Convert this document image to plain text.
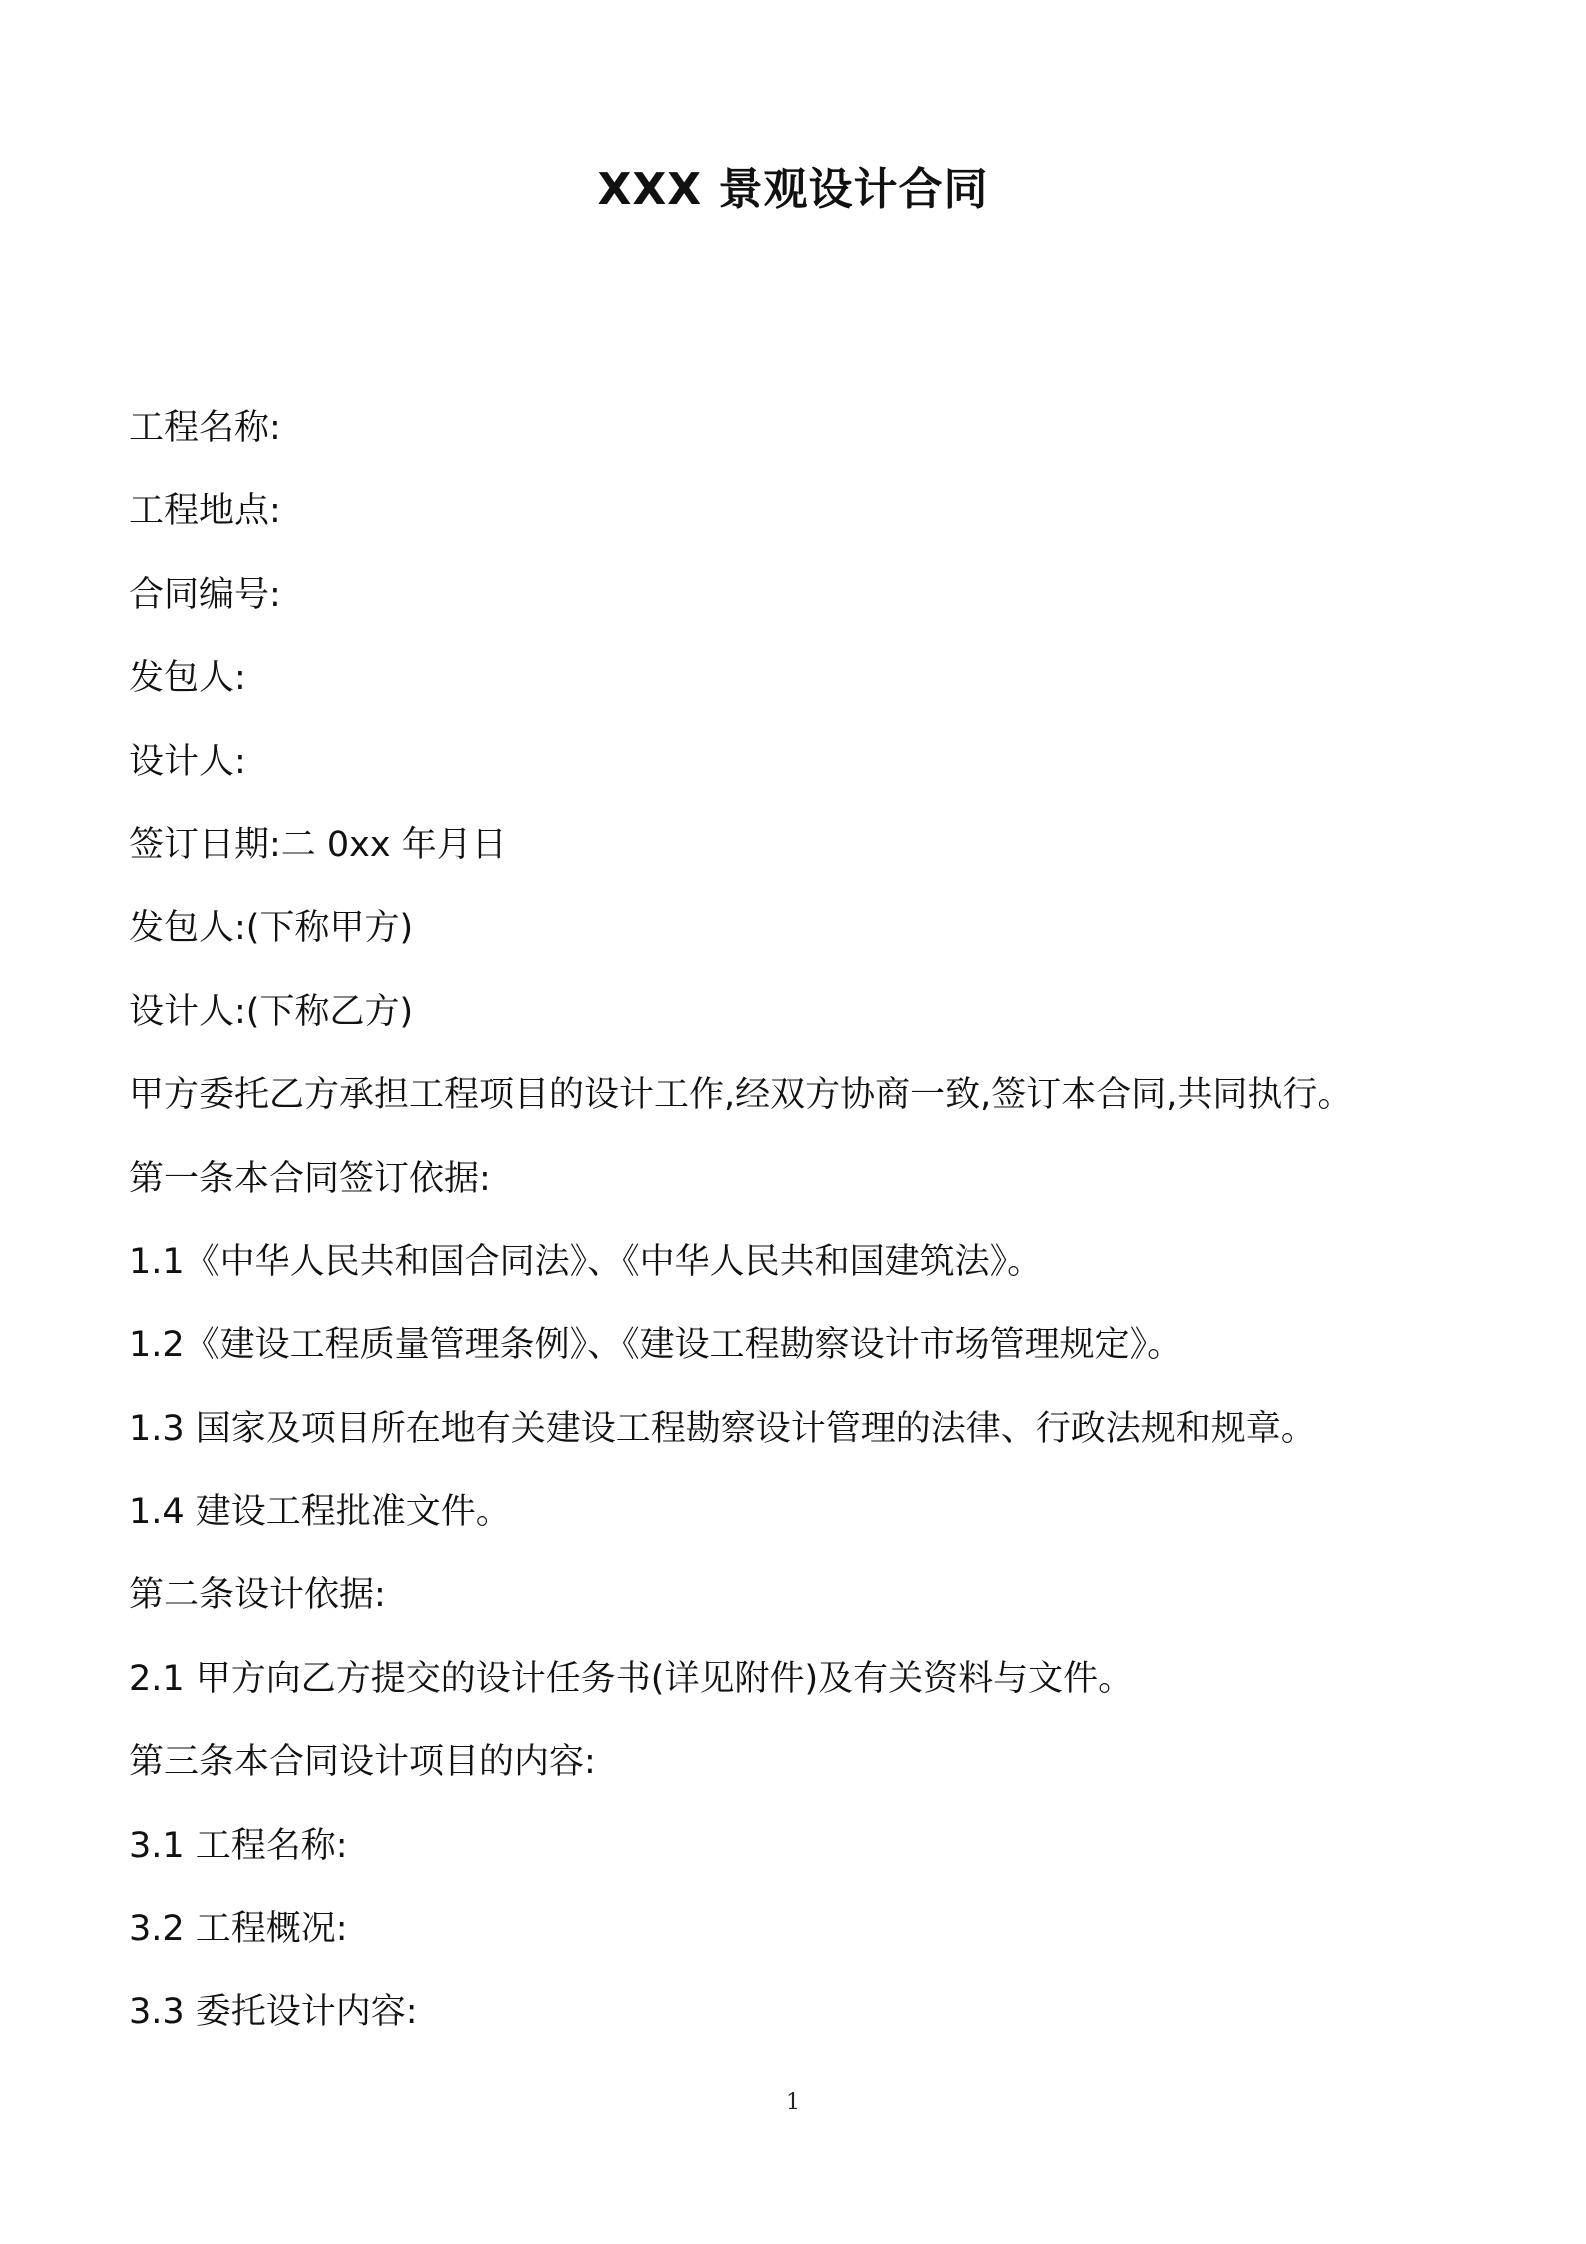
XXX 景观设计合同
工程名称:
工程地点:
合同编号:
发包人:
设计人:
签订日期:二 0xx 年月日
发包人:(下称甲方)
设计人:(下称乙方)
甲方委托乙方承担工程项目的设计工作,经双方协商一致,签订本合同,共同执行。
第一条本合同签订依据:
1.1《中华人民共和国合同法》、《中华人民共和国建筑法》。
1.2《建设工程质量管理条例》、《建设工程勘察设计市场管理规定》。
1.3 国家及项目所在地有关建设工程勘察设计管理的法律、行政法规和规章。
1.4 建设工程批准文件。
第二条设计依据:
2.1 甲方向乙方提交的设计任务书(详见附件)及有关资料与文件。
第三条本合同设计项目的内容:
3.1 工程名称:
3.2 工程概况:
3.3 委托设计内容:
1
